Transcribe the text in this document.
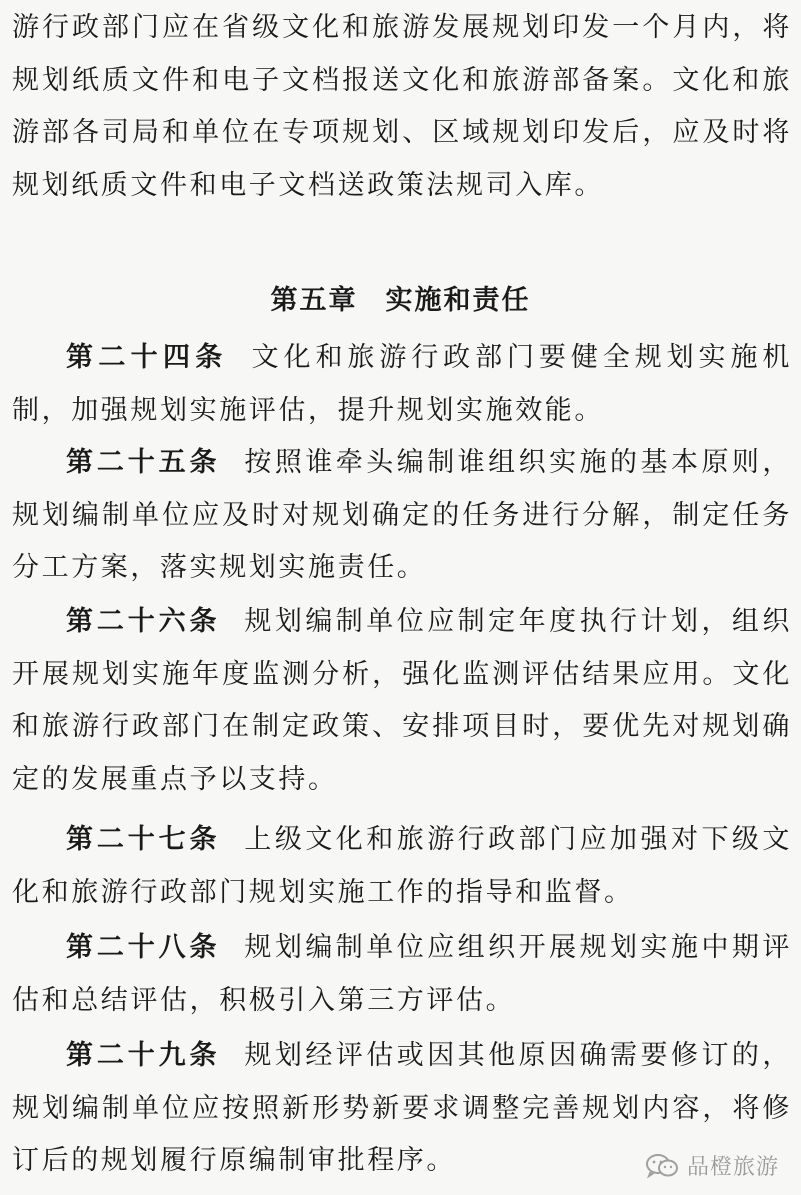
游行政部门应在省级文化和旅游发展规划印发一个月内，将规划纸质文件和电子文档报送文化和旅游部备案。文化和旅游部各司局和单位在专项规划、区域规划印发后，应及时将规划纸质文件和电子文档送政策法规司入库。

第五章 实施和责任

第二十四条 文化和旅游行政部门要健全规划实施机制，加强规划实施评估，提升规划实施效能。

第二十五条 按照谁牵头编制谁组织实施的基本原则，规划编制单位应及时对规划确定的任务进行分解，制定任务分工方案，落实规划实施责任。

第二十六条 规划编制单位应制定年度执行计划，组织开展规划实施年度监测分析，强化监测评估结果应用。文化和旅游行政部门在制定政策、安排项目时，要优先对规划确定的发展重点予以支持。

第二十七条 上级文化和旅游行政部门应加强对下级文化和旅游行政部门规划实施工作的指导和监督。

第二十八条 规划编制单位应组织开展规划实施中期评估和总结评估，积极引入第三方评估。

第二十九条 规划经评估或因其他原因确需要修订的，规划编制单位应按照新形势新要求调整完善规划内容，将修订后的规划履行原编制审批程序。	品橙旅游
